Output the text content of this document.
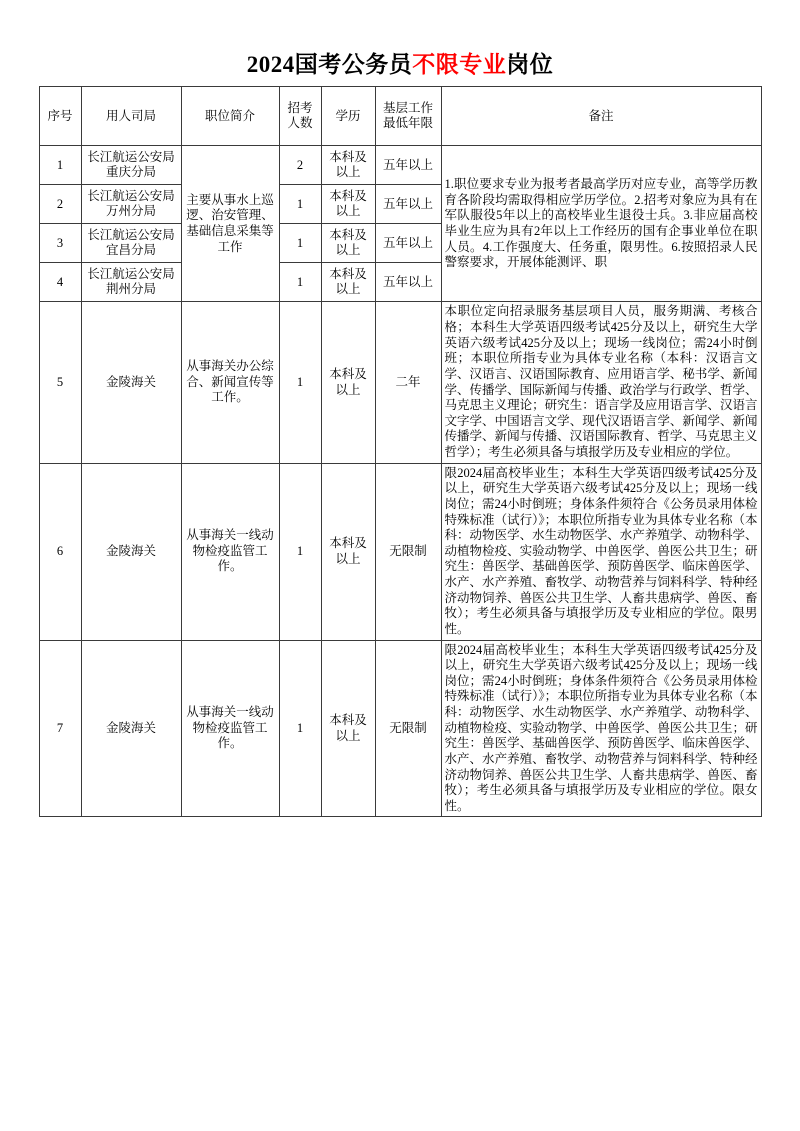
2024国考公务员不限专业岗位
序号	用人司局	职位简介	招考人数	学历	基层工作最低年限	备注
1	长江航运公安局重庆分局	主要从事水上巡逻、治安管理、基础信息采集等工作	2	本科及以上	五年以上	1.职位要求专业为报考者最高学历对应专业，高等学历教育各阶段均需取得相应学历学位。2.招考对象应为具有在军队服役5年以上的高校毕业生退役士兵。3.非应届高校毕业生应为具有2年以上工作经历的国有企事业单位在职人员。4.工作强度大、任务重，限男性。6.按照招录人民警察要求，开展体能测评、职

2	长江航运公安局万州分局		1	本科及以上	五年以上	
3	长江航运公安局宜昌分局		1	本科及以上	五年以上	
4	长江航运公安局荆州分局		1	本科及以上	五年以上	
5	金陵海关	从事海关办公综合、新闻宣传等工作。	1	本科及以上	二年	本职位定向招录服务基层项目人员，服务期满、考核合格；本科生大学英语四级考试425分及以上，研究生大学英语六级考试425分及以上；现场一线岗位；需24小时倒班；本职位所指专业为具体专业名称（本科：汉语言文学、汉语言、汉语国际教育、应用语言学、秘书学、新闻学、传播学、国际新闻与传播、政治学与行政学、哲学、马克思主义理论；研究生：语言学及应用语言学、汉语言文字学、中国语言文学、现代汉语语言学、新闻学、新闻传播学、新闻与传播、汉语国际教育、哲学、马克思主义哲学）；考生必须具备与填报学历及专业相应的学位。

6	金陵海关	从事海关一线动物检疫监管工作。	1	本科及以上	无限制	限2024届高校毕业生；本科生大学英语四级考试425分及以上，研究生大学英语六级考试425分及以上；现场一线岗位；需24小时倒班；身体条件须符合《公务员录用体检特殊标准（试行）》；本职位所指专业为具体专业名称（本科：动物医学、水生动物医学、水产养殖学、动物科学、动植物检疫、实验动物学、中兽医学、兽医公共卫生；研究生：兽医学、基础兽医学、预防兽医学、临床兽医学、水产、水产养殖、畜牧学、动物营养与饲料科学、特种经济动物饲养、兽医公共卫生学、人畜共患病学、兽医、畜牧）；考生必须具备与填报学历及专业相应的学位。限男性。

7	金陵海关	从事海关一线动物检疫监管工作。	1	本科及以上	无限制	限2024届高校毕业生；本科生大学英语四级考试425分及以上，研究生大学英语六级考试425分及以上；现场一线岗位；需24小时倒班；身体条件须符合《公务员录用体检特殊标准（试行）》；本职位所指专业为具体专业名称（本科：动物医学、水生动物医学、水产养殖学、动物科学、动植物检疫、实验动物学、中兽医学、兽医公共卫生；研究生：兽医学、基础兽医学、预防兽医学、临床兽医学、水产、水产养殖、畜牧学、动物营养与饲料科学、特种经济动物饲养、兽医公共卫生学、人畜共患病学、兽医、畜牧）；考生必须具备与填报学历及专业相应的学位。限女性。
